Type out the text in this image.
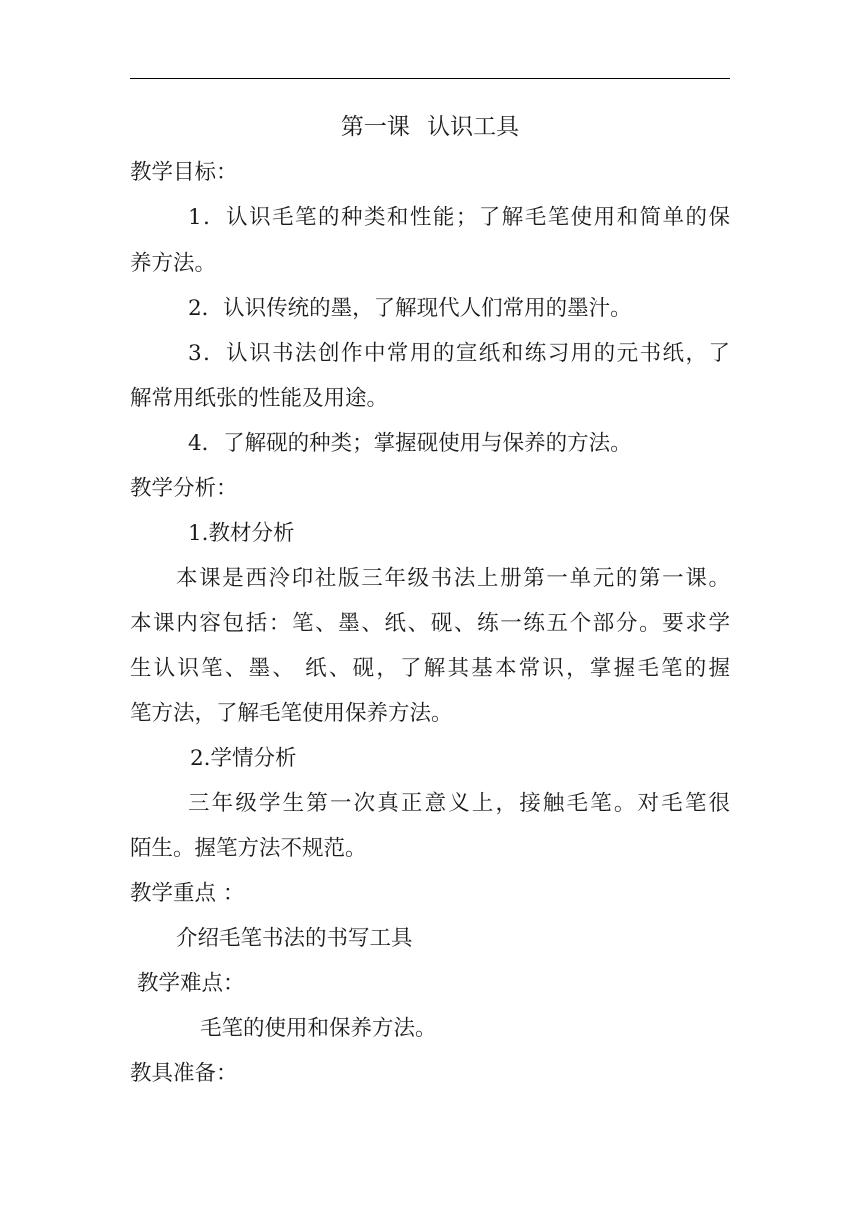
第一课 认识工具
教学目标：
1．认识毛笔的种类和性能；了解毛笔使用和简单的保
养方法。
2．认识传统的墨，了解现代人们常用的墨汁。
3．认识书法创作中常用的宣纸和练习用的元书纸，了
解常用纸张的性能及用途。
4．了解砚的种类；掌握砚使用与保养的方法。
教学分析：
1.教材分析
本课是西泠印社版三年级书法上册第一单元的第一课。
本课内容包括：笔、墨、纸、砚、练一练五个部分。要求学
生认识笔、墨、 纸、砚，了解其基本常识，掌握毛笔的握
笔方法，了解毛笔使用保养方法。
2.学情分析
三年级学生第一次真正意义上，接触毛笔。对毛笔很
陌生。握笔方法不规范。
教学重点 ：
介绍毛笔书法的书写工具
教学难点：
毛笔的使用和保养方法。
教具准备：
